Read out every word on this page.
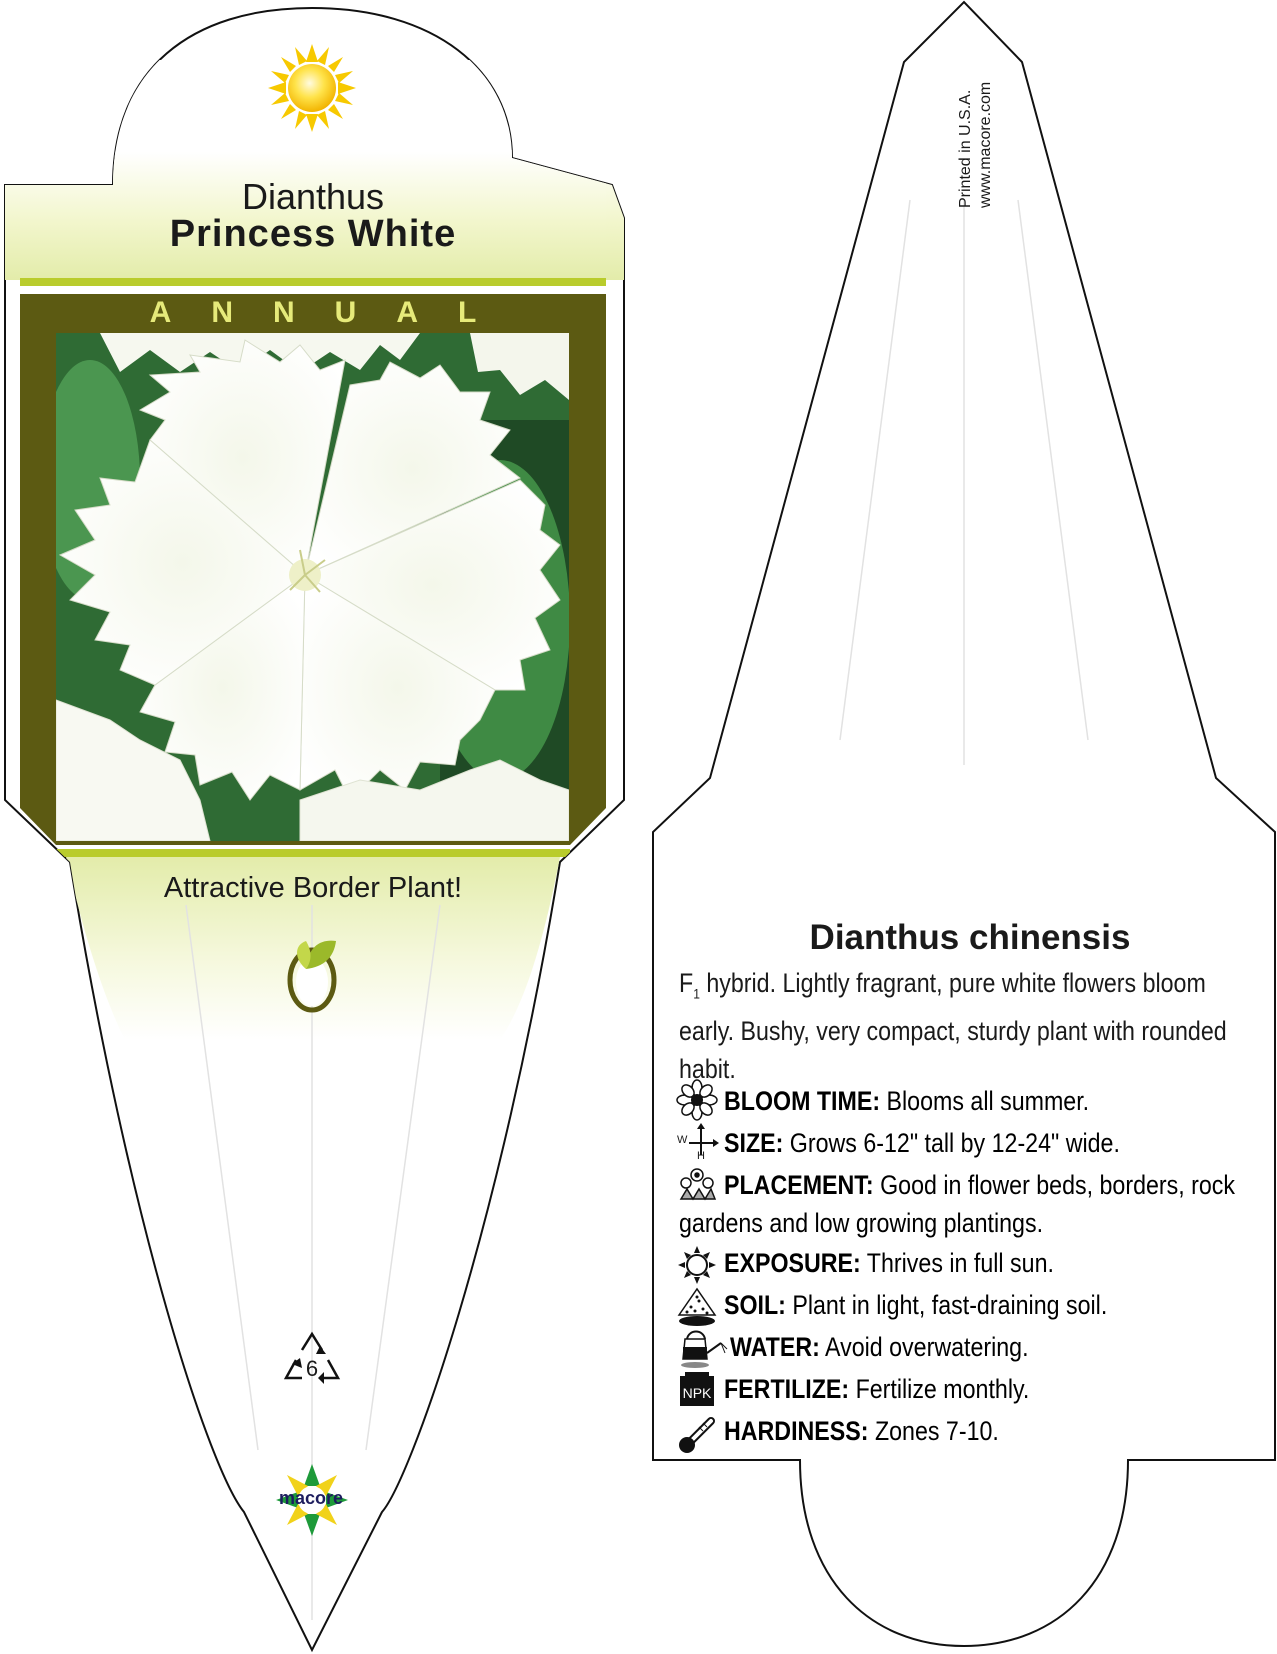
NPK
Dianthus
Princess White
ANNUAL
Attractive Border Plant!
6
macore
Printed in U.S.A. www.macore.com
Dianthus chinensis
$F_1$ hybrid. Lightly fragrant, pure white flowers bloom early. Bushy, very compact, sturdy plant with rounded habit.
BLOOM TIME: Blooms all summer.
SIZE: Grows 6-12" tall by 12-24" wide.
W
H
PLACEMENT: Good in flower beds, borders, rock
gardens and low growing plantings.
EXPOSURE: Thrives in full sun.
SOIL: Plant in light, fast-draining soil.
WATER: Avoid overwatering.
FERTILIZE: Fertilize monthly.
HARDINESS: Zones 7-10.
